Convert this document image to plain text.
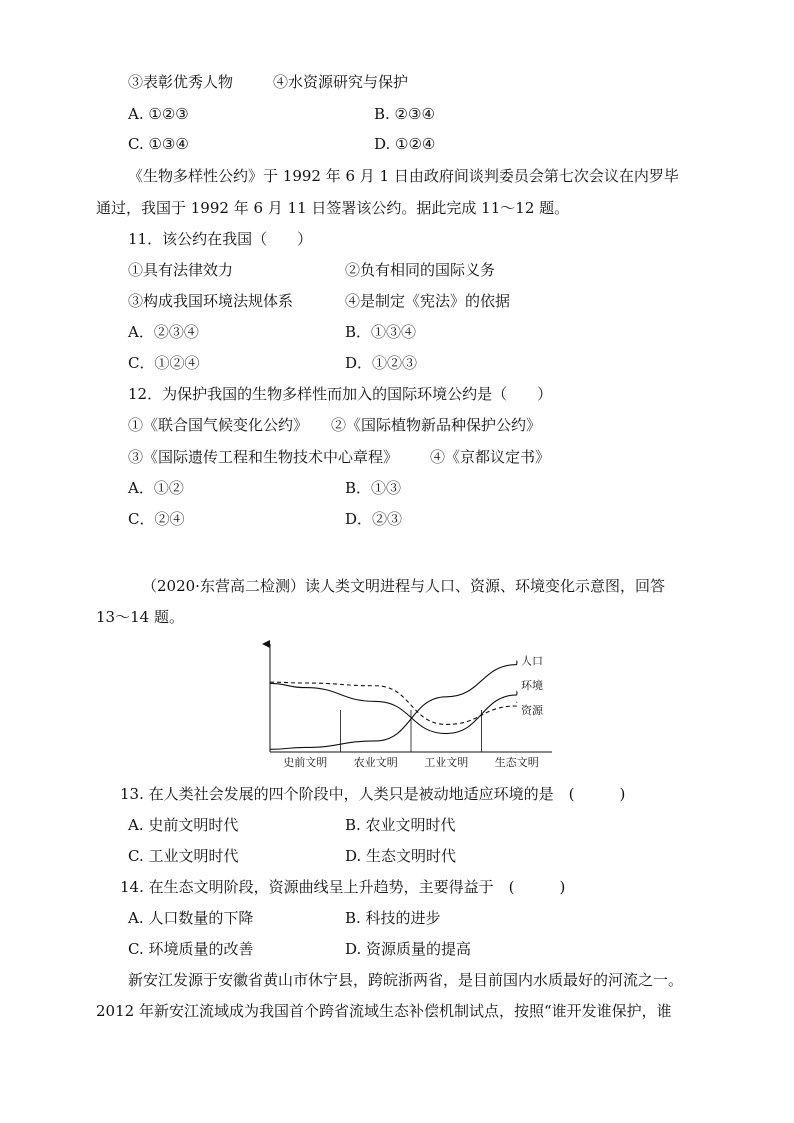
③表彰优秀人物	④水资源研究与保护
A. ①②③	B. ②③④
C. ①③④	D. ①②④
《生物多样性公约》于 1992 年 6 月 1 日由政府间谈判委员会第七次会议在内罗毕
通过，我国于 1992 年 6 月 11 日签署该公约。据此完成 11～12 题。
11．该公约在我国（　　）
①具有法律效力	②负有相同的国际义务
③构成我国环境法规体系	④是制定《宪法》的依据
A．②③④	B．①③④
C．①②④	D．①②③
12．为保护我国的生物多样性而加入的国际环境公约是（　　）
①《联合国气候变化公约》 ②《国际植物新品种保护公约》
③《国际遗传工程和生物技术中心章程》 ④《京都议定书》
A．①②	B．①③
C．②④	D．②③
（2020·东营高二检测）读人类文明进程与人口、资源、环境变化示意图，回答
13～14 题。
史前文明 农业文明 工业文明 生态文明
人口
环境
资源
13. 在人类社会发展的四个阶段中，人类只是被动地适应环境的是　(　　　)
A. 史前文明时代	B. 农业文明时代
C. 工业文明时代	D. 生态文明时代
14. 在生态文明阶段，资源曲线呈上升趋势，主要得益于　(　　　)
A. 人口数量的下降	B. 科技的进步
C. 环境质量的改善	D. 资源质量的提高
新安江发源于安徽省黄山市休宁县，跨皖浙两省，是目前国内水质最好的河流之一。
2012 年新安江流域成为我国首个跨省流域生态补偿机制试点，按照“谁开发谁保护，谁
